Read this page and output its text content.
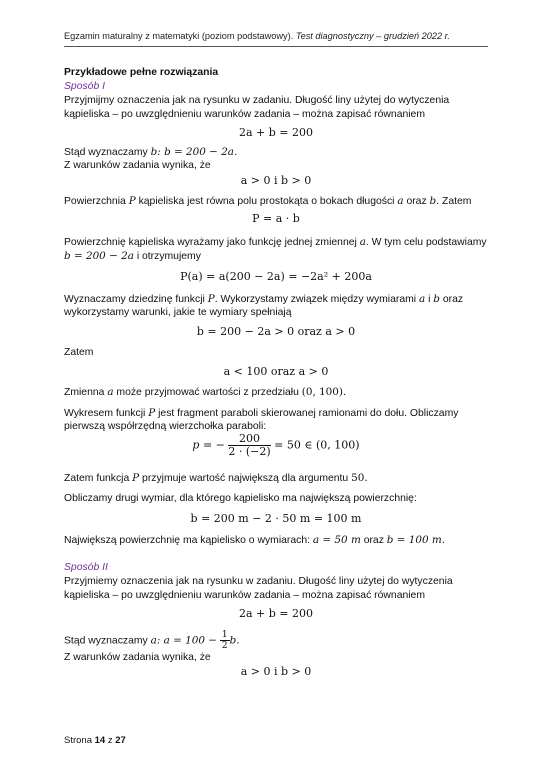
Egzamin maturalny z matematyki (poziom podstawowy). Test diagnostyczny – grudzień 2022 r.
Przykładowe pełne rozwiązania
Sposób I
Przyjmijmy oznaczenia jak na rysunku w zadaniu. Długość liny użytej do wytyczenia
kąpieliska – po uwzględnieniu warunków zadania – można zapisać równaniem
2a + b = 200
Stąd wyznaczamy b: b = 200 − 2a.
Z warunków zadania wynika, że
a > 0 i b > 0
Powierzchnia P kąpieliska jest równa polu prostokąta o bokach długości a oraz b. Zatem
P = a · b
Powierzchnię kąpieliska wyrażamy jako funkcję jednej zmiennej a. W tym celu podstawiamy
b = 200 − 2a i otrzymujemy
P(a) = a(200 − 2a) = −2a² + 200a
Wyznaczamy dziedzinę funkcji P. Wykorzystamy związek między wymiarami a i b oraz
wykorzystamy warunki, jakie te wymiary spełniają
b = 200 − 2a > 0 oraz a > 0
Zatem
a < 100 oraz a > 0
Zmienna a może przyjmować wartości z przedziału (0, 100).
Wykresem funkcji P jest fragment paraboli skierowanej ramionami do dołu. Obliczamy
pierwszą współrzędną wierzchołka paraboli:
p = − $\frac{200}{2 \cdot (-2)} = 50$ ∈ (0, 100)
Zatem funkcja P przyjmuje wartość największą dla argumentu 50.
Obliczamy drugi wymiar, dla którego kąpielisko ma największą powierzchnię:
b = 200 m − 2 · 50 m = 100 m
Największą powierzchnię ma kąpielisko o wymiarach: a = 50 m oraz b = 100 m.
Sposób II
Przyjmiemy oznaczenia jak na rysunku w zadaniu. Długość liny użytej do wytyczenia
kąpieliska – po uwzględnieniu warunków zadania – można zapisać równaniem
2a + b = 200
Stąd wyznaczamy a: $a = 100 - \frac{1}{2} b$.
Z warunków zadania wynika, że
a > 0 i b > 0
Strona 14 z 27
